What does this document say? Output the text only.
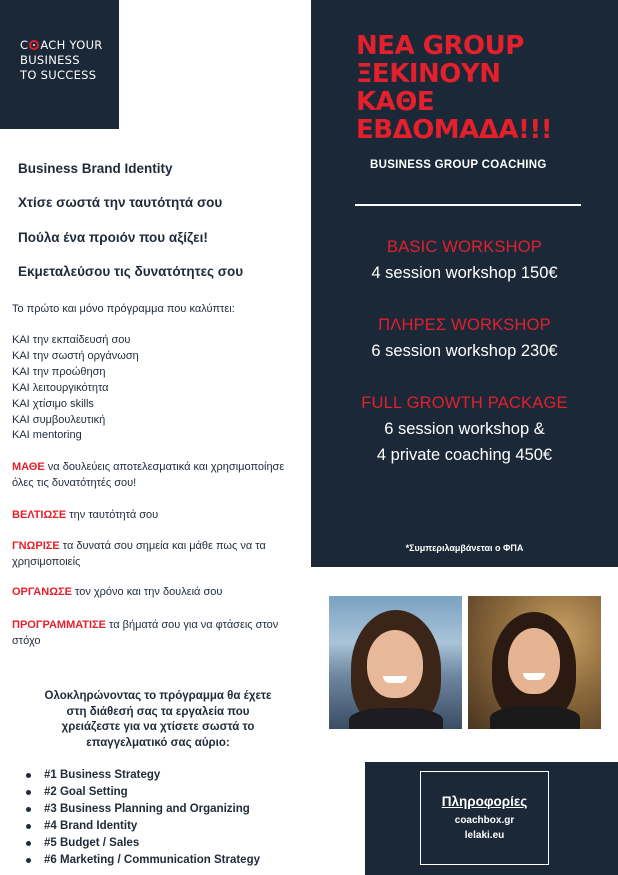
C ACH YOUR
BUSINESS
TO SUCCESS
Business Brand Identity
Χτίσε σωστά την ταυτότητά σου
Πούλα ένα προιόν που αξίζει!
Εκμεταλεύσου τις δυνατότητες σου
Το πρώτο και μόνο πρόγραμμα που καλύπτει:
ΚΑΙ την εκπαίδευσή σου
ΚΑΙ την σωστή οργάνωση
ΚΑΙ την προώθηση
ΚΑΙ λειτουργικότητα
ΚΑΙ χτίσιμο skills
ΚΑΙ συμβουλευτική
ΚΑΙ mentoring
ΜΑΘΕ να δουλεύεις αποτελεσματικά και χρησιμοποίησε όλες τις δυνατότητές σου!
ΒΕΛΤΙΩΣΕ την ταυτότητά σου
ΓΝΩΡΙΣΕ τα δυνατά σου σημεία και μάθε πως να τα χρησιμοποιείς
ΟΡΓΑΝΩΣΕ τον χρόνο και την δουλειά σου
ΠΡΟΓΡΑΜΜΑΤΙΣΕ τα βήματά σου για να φτάσεις στον στόχο
Ολοκληρώνοντας το πρόγραμμα θα έχετε στη διάθεσή σας τα εργαλεία που χρειάζεστε για να χτίσετε σωστά το επαγγελματικό σας αύριο:
#1 Business Strategy
#2 Goal Setting
#3 Business Planning and Organizing
#4 Brand Identity
#5 Budget / Sales
#6 Marketing / Communication Strategy
ΝΕΑ GROUP
ΞΕΚΙΝΟΥΝ
ΚΑΘΕ
ΕΒΔΟΜΑΔΑ!!!
BUSINESS GROUP COACHING
BASIC WORKSHOP
4 session workshop 150€
ΠΛΗΡΕΣ WORKSHOP
6 session workshop 230€
FULL GROWTH PACKAGE
6 session workshop &
4 private coaching 450€
*Συμπεριλαμβάνεται ο ΦΠΑ
Πληροφορίες
coachbox.gr
lelaki.eu
